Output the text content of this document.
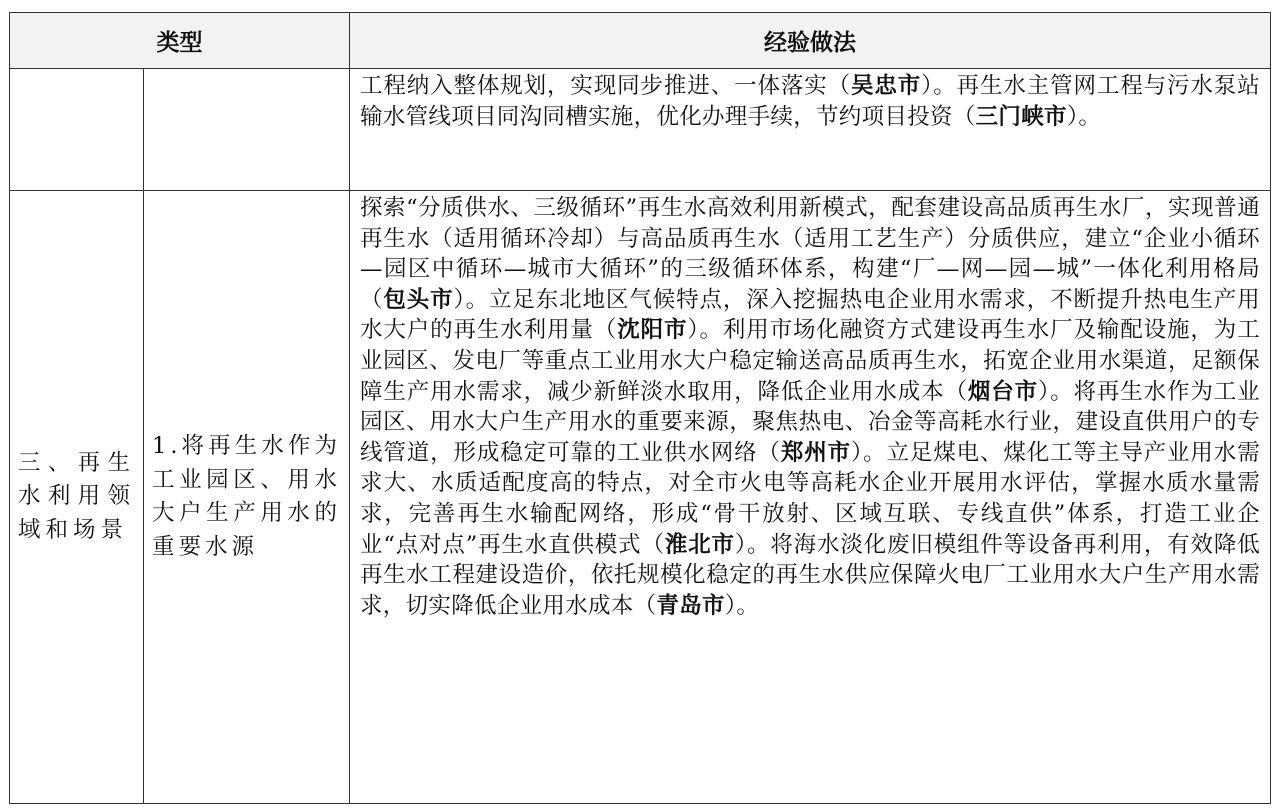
类型		经验做法

		工程纳入整体规划，实现同步推进、一体落实（吴忠市）。再生水主管网工程与污水泵站输水管线项目同沟同槽实施，优化办理手续，节约项目投资（三门峡市）。

三、再生水利用领域和场景	1.将再生水作为工业园区、用水大户生产用水的重要水源	探索“分质供水、三级循环”再生水高效利用新模式，配套建设高品质再生水厂，实现普通再生水（适用循环冷却）与高品质再生水（适用工艺生产）分质供应，建立“企业小循环—园区中循环—城市大循环”的三级循环体系，构建“厂—网—园—城”一体化利用格局（包头市）。立足东北地区气候特点，深入挖掘热电企业用水需求，不断提升热电生产用水大户的再生水利用量（沈阳市）。利用市场化融资方式建设再生水厂及输配设施，为工业园区、发电厂等重点工业用水大户稳定输送高品质再生水，拓宽企业用水渠道，足额保障生产用水需求，减少新鲜淡水取用，降低企业用水成本（烟台市）。将再生水作为工业园区、用水大户生产用水的重要来源，聚焦热电、冶金等高耗水行业，建设直供用户的专线管道，形成稳定可靠的工业供水网络（郑州市）。立足煤电、煤化工等主导产业用水需求大、水质适配度高的特点，对全市火电等高耗水企业开展用水评估，掌握水质水量需求，完善再生水输配网络，形成“骨干放射、区域互联、专线直供”体系，打造工业企业“点对点”再生水直供模式（淮北市）。将海水淡化废旧模组件等设备再利用，有效降低再生水工程建设造价，依托规模化稳定的再生水供应保障火电厂工业用水大户生产用水需求，切实降低企业用水成本（青岛市）。
